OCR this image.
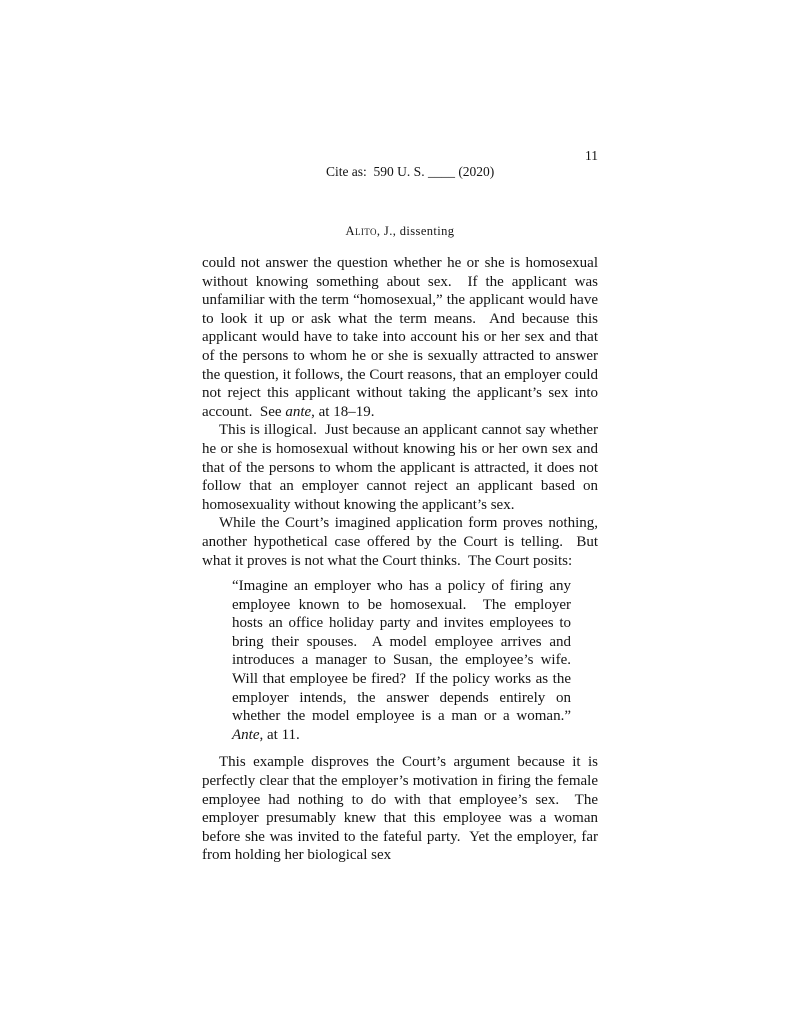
Cite as:  590 U. S. ____ (2020)

11

Alito, J., dissenting

could not answer the question whether he or she is homosexual without knowing something about sex.  If the applicant was unfamiliar with the term “homosexual,” the applicant would have to look it up or ask what the term means.  And because this applicant would have to take into account his or her sex and that of the persons to whom he or she is sexually attracted to answer the question, it follows, the Court reasons, that an employer could not reject this applicant without taking the applicant’s sex into account.  See ante, at 18–19.

This is illogical.  Just because an applicant cannot say whether he or she is homosexual without knowing his or her own sex and that of the persons to whom the applicant is attracted, it does not follow that an employer cannot reject an applicant based on homosexuality without knowing the applicant’s sex.

While the Court’s imagined application form proves nothing, another hypothetical case offered by the Court is telling.  But what it proves is not what the Court thinks.  The Court posits:

“Imagine an employer who has a policy of firing any employee known to be homosexual.  The employer hosts an office holiday party and invites employees to bring their spouses.  A model employee arrives and introduces a manager to Susan, the employee’s wife.  Will that employee be fired?  If the policy works as the employer intends, the answer depends entirely on whether the model employee is a man or a woman.”  Ante, at 11.

This example disproves the Court’s argument because it is perfectly clear that the employer’s motivation in firing the female employee had nothing to do with that employee’s sex.  The employer presumably knew that this employee was a woman before she was invited to the fateful party.  Yet the employer, far from holding her biological sex
